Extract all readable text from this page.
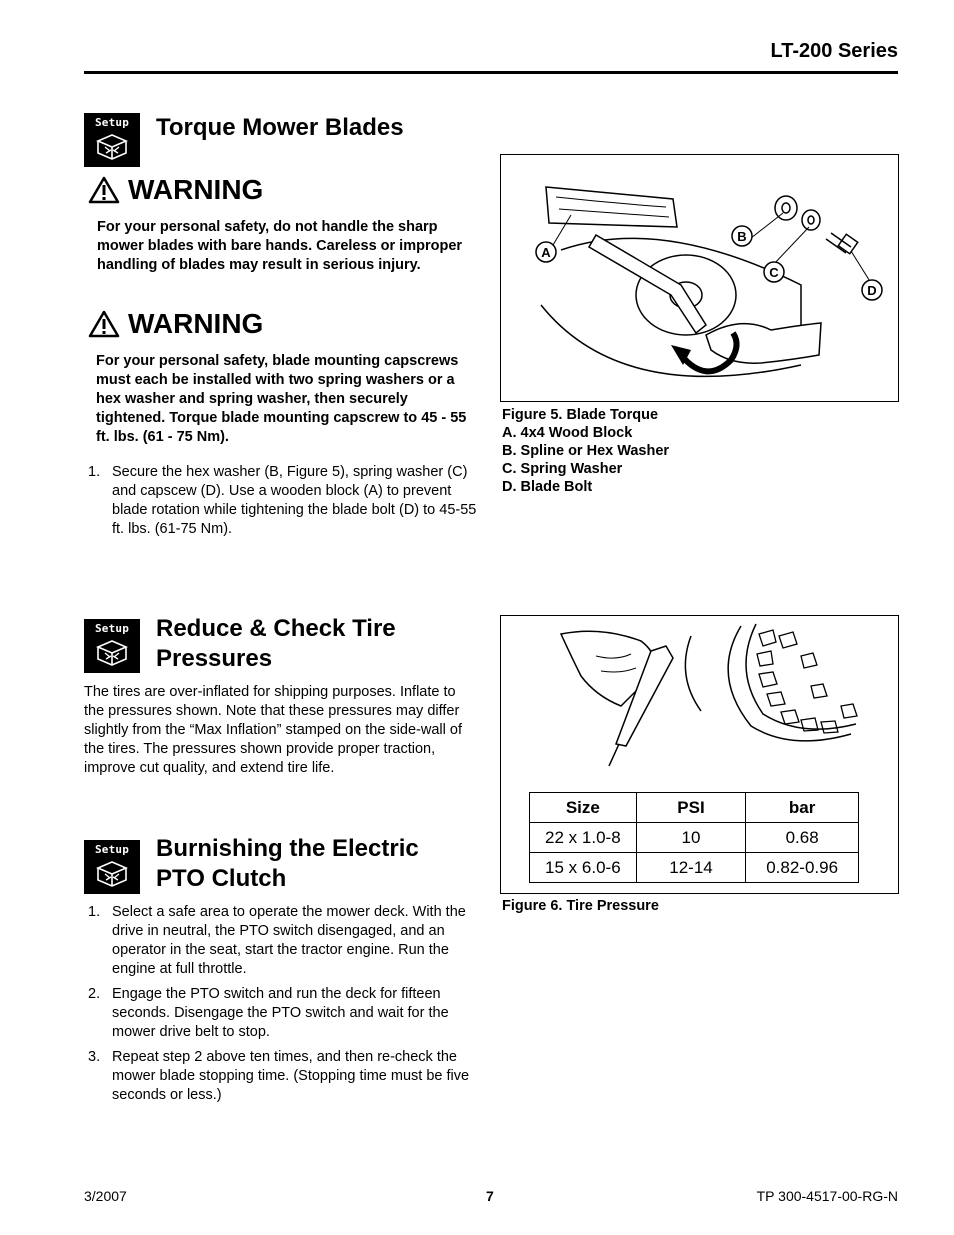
LT-200 Series
Setup Torque Mower Blades
WARNING
For your personal safety, do not handle the sharp mower blades with bare hands. Careless or improper handling of blades may result in serious injury.
WARNING
For your personal safety, blade mounting capscrews must each be installed with two spring washers or a hex washer and spring washer, then securely tightened. Torque blade mounting capscrew to 45 - 55 ft. lbs. (61 - 75 Nm).
1. Secure the hex washer (B, Figure 5), spring washer (C) and capscew (D). Use a wooden block (A) to prevent blade rotation while tightening the blade bolt (D) to 45-55 ft. lbs. (61-75 Nm).
A
B
C
D
Figure 5. Blade Torque
A. 4x4 Wood Block
B. Spline or Hex Washer
C. Spring Washer
D. Blade Bolt
Setup Reduce & Check Tire
Pressures
The tires are over-inflated for shipping purposes. Inflate to the pressures shown. Note that these pressures may differ slightly from the “Max Inflation” stamped on the side-wall of the tires. The pressures shown provide proper traction, improve cut quality, and extend tire life.
Size	PSI	bar
22 x 1.0-8	10	0.68
15 x 6.0-6	12-14	0.82-0.96
Figure 6. Tire Pressure
Setup Burnishing the Electric
PTO Clutch
1. Select a safe area to operate the mower deck. With the drive in neutral, the PTO switch disengaged, and an operator in the seat, start the tractor engine. Run the engine at full throttle.
2. Engage the PTO switch and run the deck for fifteen seconds. Disengage the PTO switch and wait for the mower drive belt to stop.
3. Repeat step 2 above ten times, and then re-check the mower blade stopping time. (Stopping time must be five seconds or less.)
3/2007	7	TP 300-4517-00-RG-N
